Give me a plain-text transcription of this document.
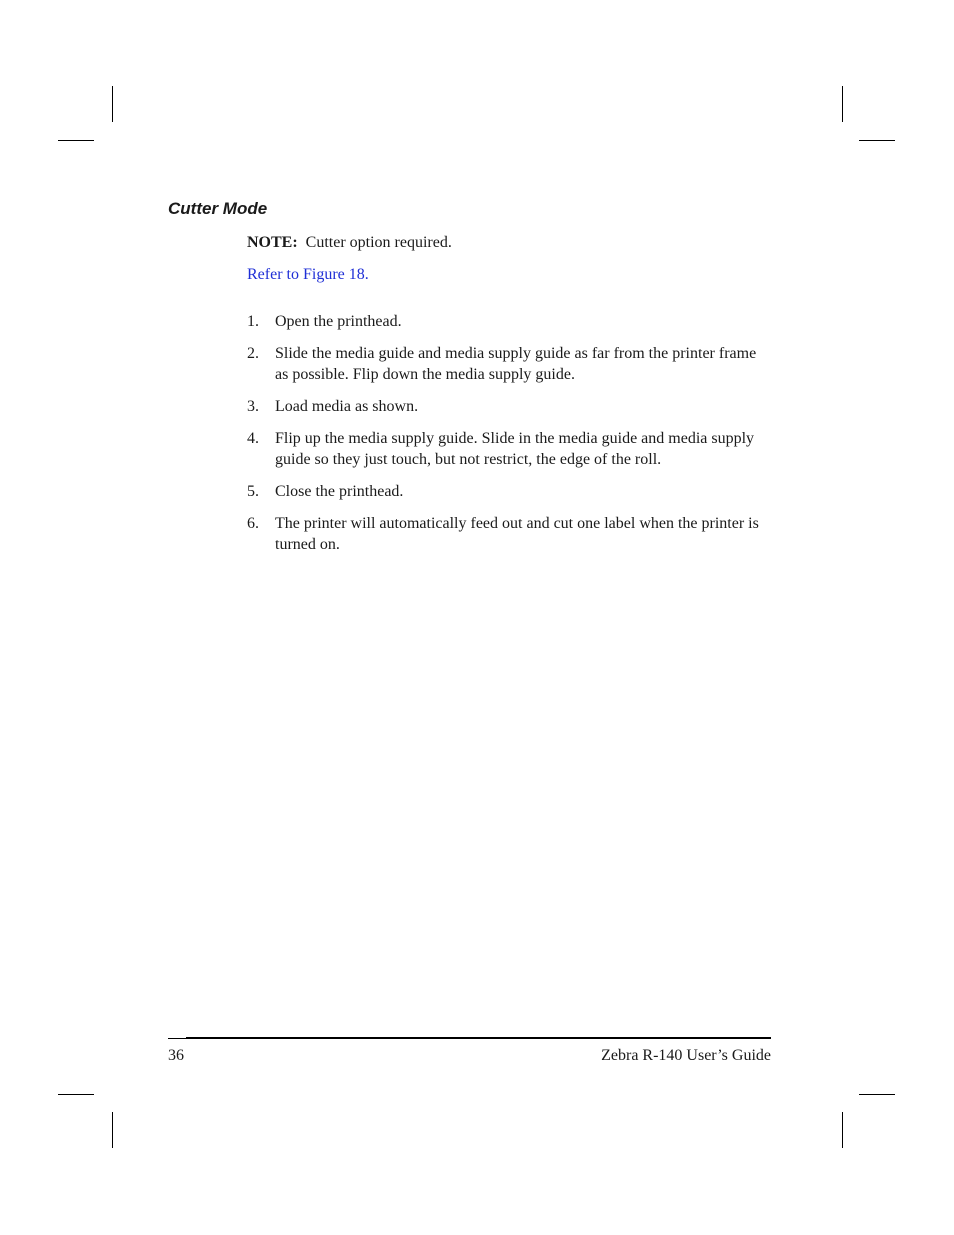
Cutter Mode

NOTE: Cutter option required.

Refer to Figure 18.
1. Open the printhead.
2. Slide the media guide and media supply guide as far from the printer frame as possible. Flip down the media supply guide.
3. Load media as shown.
4. Flip up the media supply guide. Slide in the media guide and media supply guide so they just touch, but not restrict, the edge of the roll.
5. Close the printhead.
6. The printer will automatically feed out and cut one label when the printer is turned on.
36	Zebra R-140 User’s Guide
